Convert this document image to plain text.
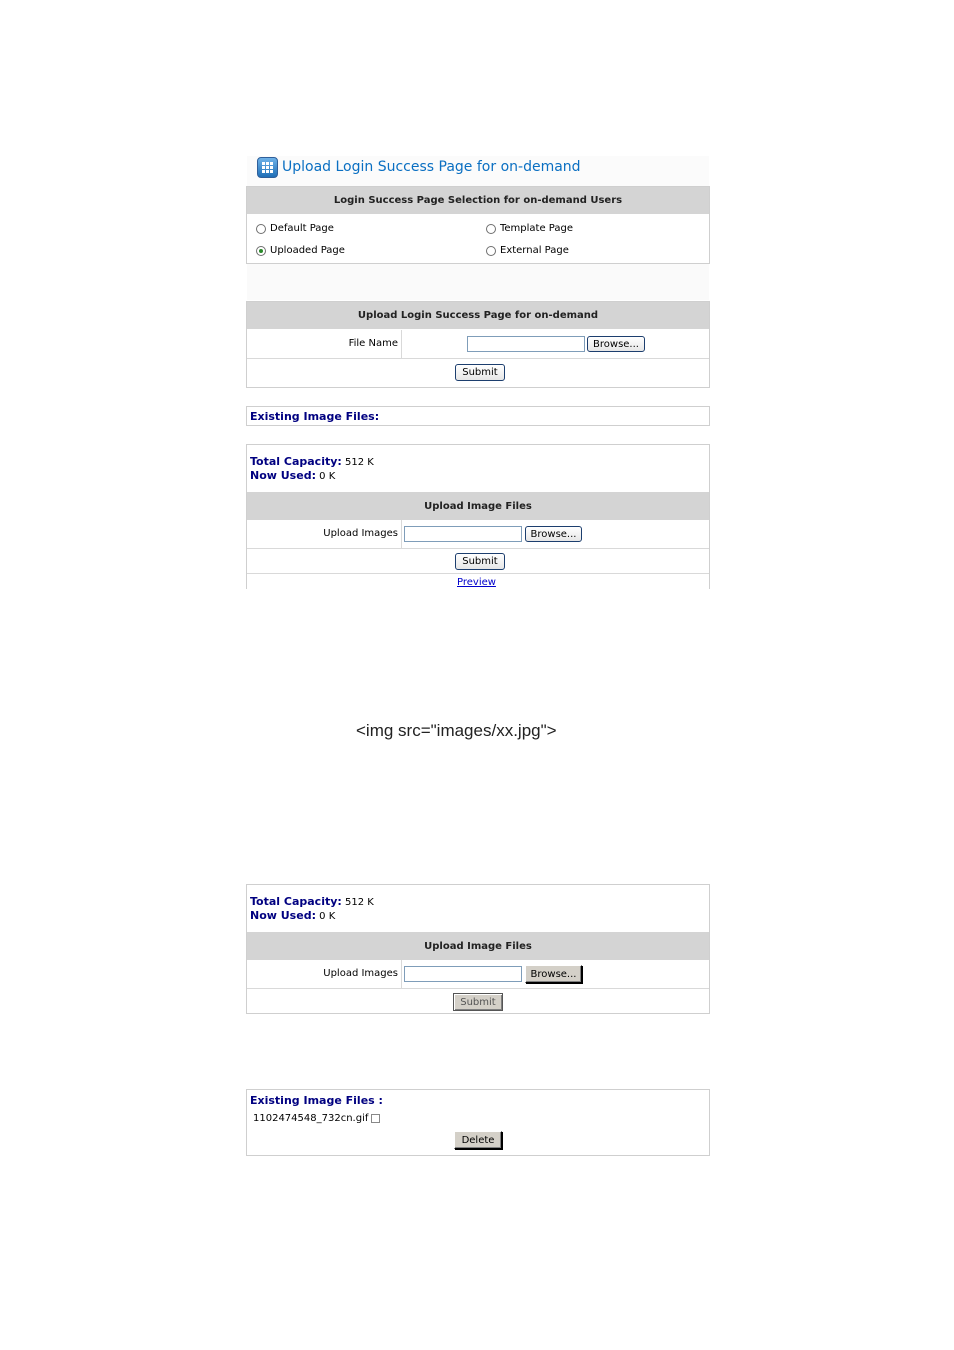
Upload Login Success Page for on-demand
Login Success Page Selection for on-demand Users
Default Page	Template Page
Uploaded Page	External Page
Upload Login Success Page for on-demand
File Name	Browse...
Submit
Existing Image Files:
Total Capacity: 512 K
Now Used: 0 K
Upload Image Files
Upload Images	Browse...
Submit
Preview
<img src="images/xx.jpg">
Total Capacity: 512 K
Now Used: 0 K
Upload Image Files
Upload Images	Browse...
Submit
Existing Image Files :
1102474548_732cn.gif
Delete
